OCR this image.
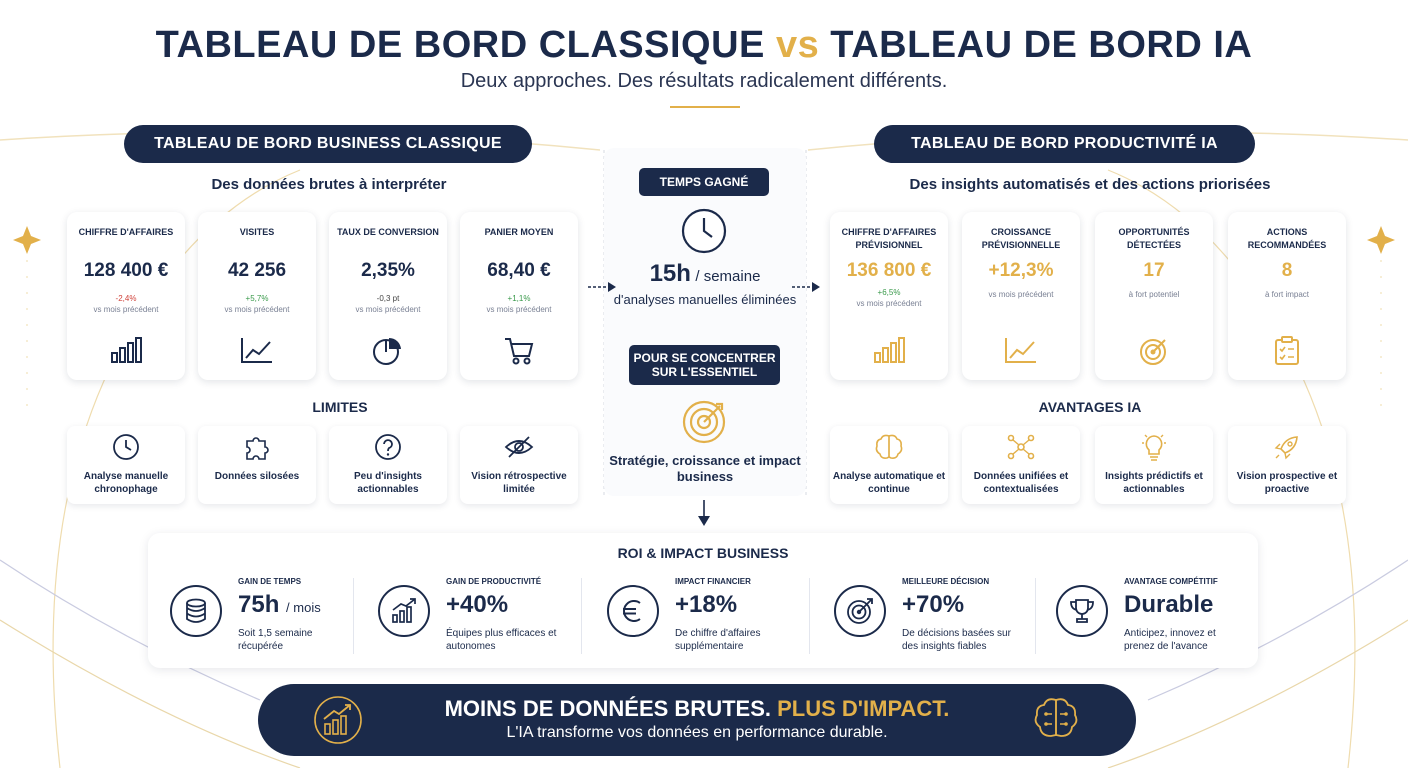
TABLEAU DE BORD CLASSIQUE vs TABLEAU DE BORD IA
Deux approches. Des résultats radicalement différents.
TABLEAU DE BORD BUSINESS CLASSIQUE
Des données brutes à interpréter
CHIFFRE D'AFFAIRES
128 400 €
-2,4%
vs mois précédent
VISITES
42 256
+5,7%
vs mois précédent
TAUX DE CONVERSION
2,35%
-0,3 pt
vs mois précédent
PANIER MOYEN
68,40 €
+1,1%
vs mois précédent
LIMITES
Analyse manuelle chronophage
Données silosées	Peu d'insights actionnables
Vision rétrospective limitée
TEMPS GAGNÉ
15h / semaine
d'analyses manuelles éliminées
POUR SE CONCENTRER SUR L'ESSENTIEL
Stratégie, croissance et impact business
TABLEAU DE BORD PRODUCTIVITÉ IA
Des insights automatisés et des actions priorisées
CHIFFRE D'AFFAIRES PRÉVISIONNEL
136 800 €
+6,5%
vs mois précédent
CROISSANCE PRÉVISIONNELLE
+12,3%
vs mois précédent
OPPORTUNITÉS DÉTECTÉES
17
à fort potentiel
ACTIONS RECOMMANDÉES
8
à fort impact
AVANTAGES IA
Analyse automatique et continue
Données unifiées et contextualisées
Insights prédictifs et actionnables
Vision prospective et proactive
ROI & IMPACT BUSINESS
GAIN DE TEMPS
75h / mois
Soit 1,5 semaine récupérée
GAIN DE PRODUCTIVITÉ
+40%
Équipes plus efficaces et autonomes
IMPACT FINANCIER
+18%
De chiffre d'affaires supplémentaire
MEILLEURE DÉCISION
+70%
De décisions basées sur des insights fiables
AVANTAGE COMPÉTITIF
Durable
Anticipez, innovez et prenez de l'avance
MOINS DE DONNÉES BRUTES. PLUS D'IMPACT.
L'IA transforme vos données en performance durable.
